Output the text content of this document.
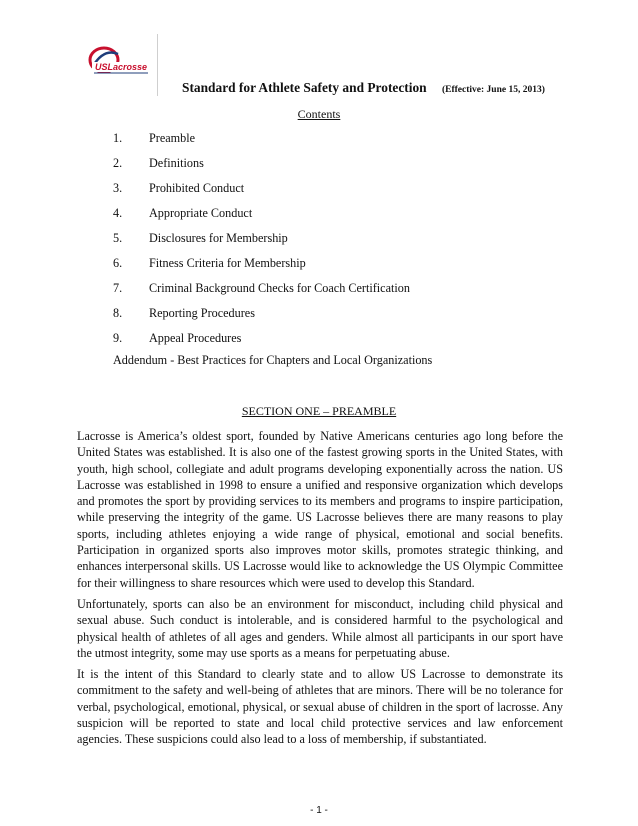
USLacrosse
Standard for Athlete Safety and Protection (Effective: June 15, 2013)
Contents
1. Preamble
2. Definitions
3. Prohibited Conduct
4. Appropriate Conduct
5. Disclosures for Membership
6. Fitness Criteria for Membership
7. Criminal Background Checks for Coach Certification
8. Reporting Procedures
9. Appeal Procedures
Addendum - Best Practices for Chapters and Local Organizations
SECTION ONE – PREAMBLE

Lacrosse is America’s oldest sport, founded by Native Americans centuries ago long before the United States was established. It is also one of the fastest growing sports in the United States, with youth, high school, collegiate and adult programs developing exponentially across the nation. US Lacrosse was established in 1998 to ensure a unified and responsive organization which develops and promotes the sport by providing services to its members and programs to inspire participation, while preserving the integrity of the game. US Lacrosse believes there are many reasons to play sports, including athletes enjoying a wide range of physical, emotional and social benefits. Participation in organized sports also improves motor skills, promotes strategic thinking, and enhances interpersonal skills. US Lacrosse would like to acknowledge the US Olympic Committee for their willingness to share resources which were used to develop this Standard.

Unfortunately, sports can also be an environment for misconduct, including child physical and sexual abuse. Such conduct is intolerable, and is considered harmful to the psychological and physical health of athletes of all ages and genders. While almost all participants in our sport have the utmost integrity, some may use sports as a means for perpetuating abuse.

It is the intent of this Standard to clearly state and to allow US Lacrosse to demonstrate its commitment to the safety and well-being of athletes that are minors. There will be no tolerance for verbal, psychological, emotional, physical, or sexual abuse of children in the sport of lacrosse. Any suspicion will be reported to state and local child protective services and law enforcement agencies. These suspicions could also lead to a loss of membership, if substantiated.

- 1 -
